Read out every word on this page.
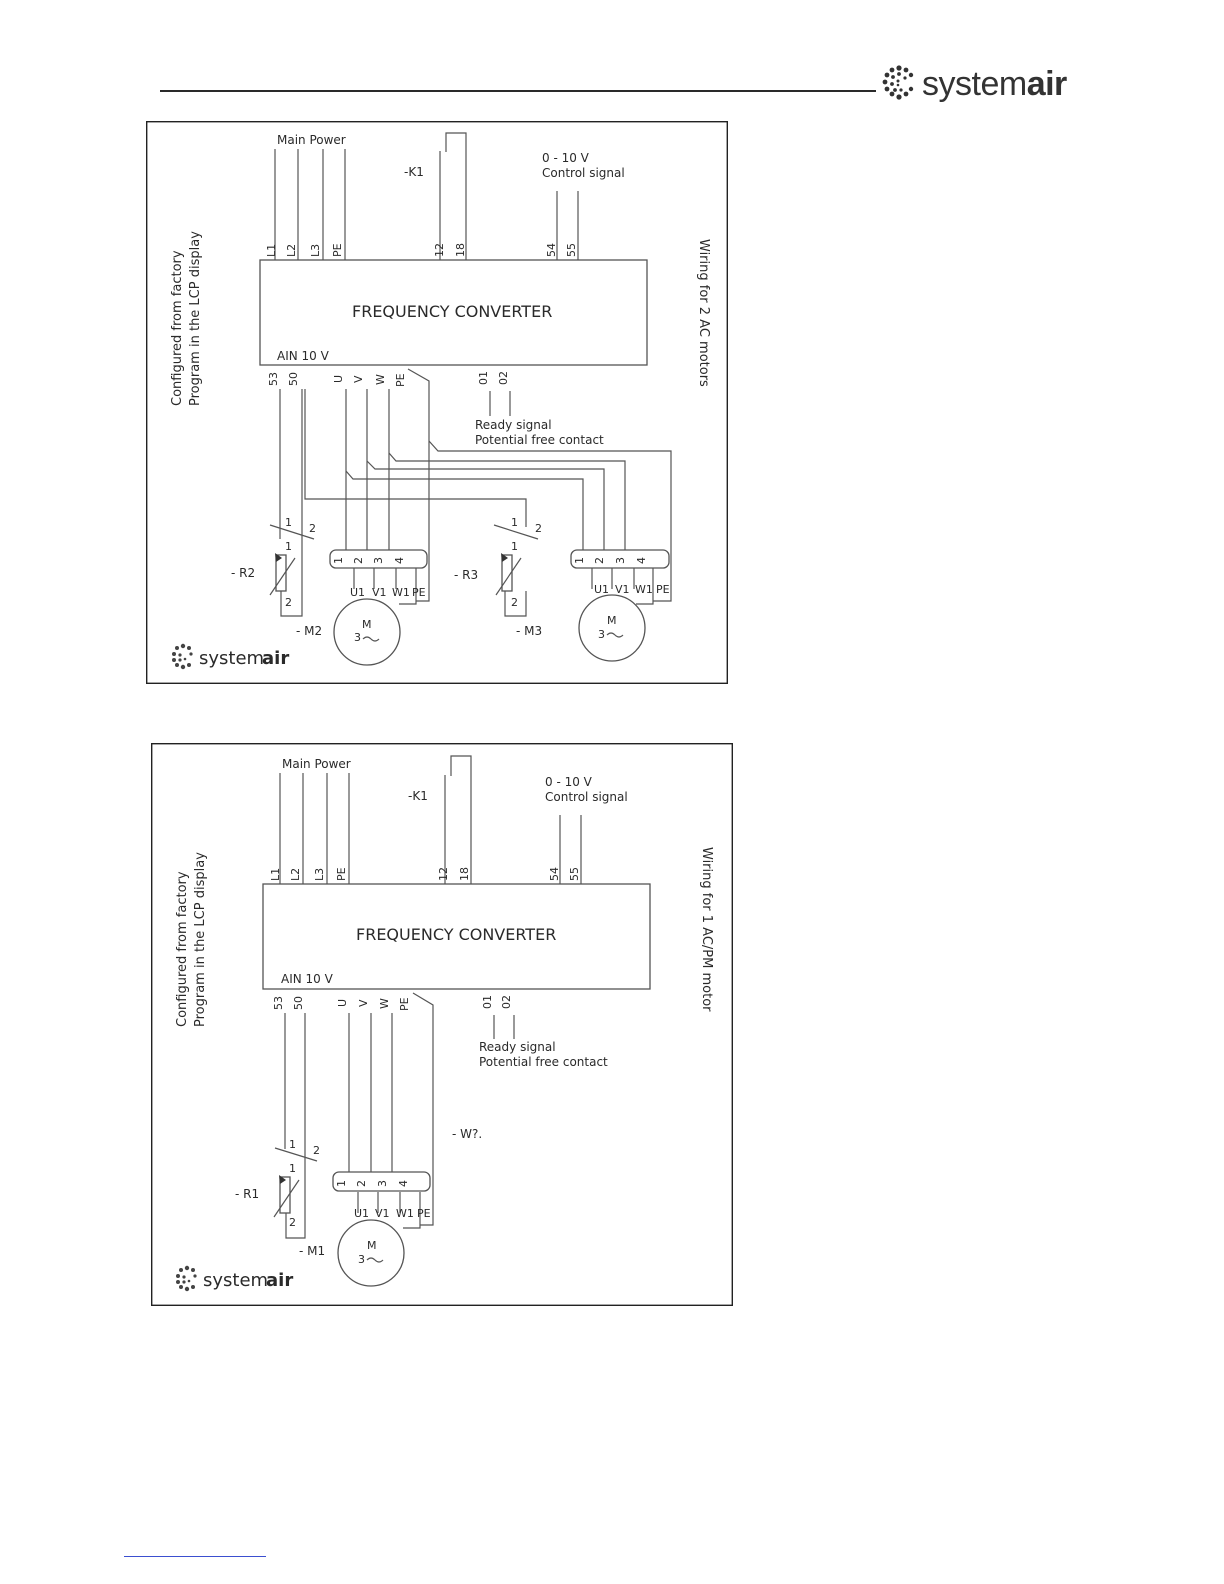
systemair
Main Power
-K1
0 - 10 V
Control signal
L1 L2 L3 PE	12 18	54 55
FREQUENCY CONVERTER
AIN 10 V
53 50	U V W PE	01 02
Ready signal
Potential free contact
Configured from factory Program in the LCP display	Wiring for 2 AC motors
1 2
1
2
- R2
1 2 3 4
U1 V1 W1 PE
M
3
- M2
1 2
1
2
- R3
1 2 3 4
U1 V1 W1 PE
M
3
- M3
system
air
Main Power
-K1
0 - 10 V
Control signal
L1 L2 L3 PE	12 18	54 55
FREQUENCY CONVERTER
AIN 10 V
53 50	U V W PE	01 02
Ready signal
Potential free contact
Configured from factory Program in the LCP display	Wiring for 1 AC/PM motor
- W?.
1 2
1
2
- R1
1 2 3 4
U1 V1 W1 PE
M
3
- M1
system
air
